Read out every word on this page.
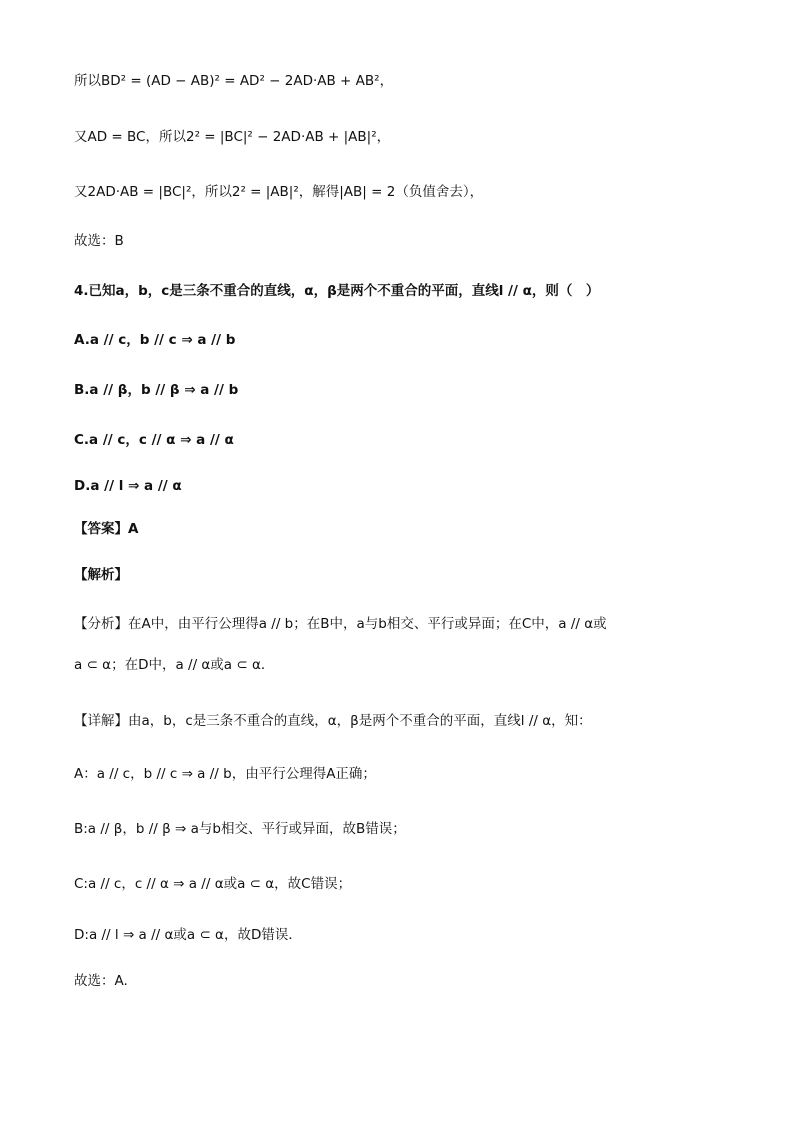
所以BD² = (AD − AB)² = AD² − 2AD·AB + AB²，
又AD = BC，所以2² = |BC|² − 2AD·AB + |AB|²，
又2AD·AB = |BC|²，所以2² = |AB|²，解得|AB| = 2（负值舍去），
故选：B
4.已知a，b，c是三条不重合的直线，α，β是两个不重合的平面，直线l // α，则（　）
A.a // c，b // c ⇒ a // b
B.a // β，b // β ⇒ a // b
C.a // c，c // α ⇒ a // α
D.a // l ⇒ a // α
【答案】A
【解析】
【分析】在A中，由平行公理得a // b；在B中，a与b相交、平行或异面；在C中，a // α或
a ⊂ α；在D中，a // α或a ⊂ α．
【详解】由a，b，c是三条不重合的直线，α，β是两个不重合的平面，直线l // α，知：
A：a // c，b // c ⇒ a // b，由平行公理得A正确；
B:a // β，b // β ⇒ a与b相交、平行或异面，故B错误；
C:a // c，c // α ⇒ a // α或a ⊂ α，故C错误；
D:a // l ⇒ a // α或a ⊂ α，故D错误．
故选：A.
